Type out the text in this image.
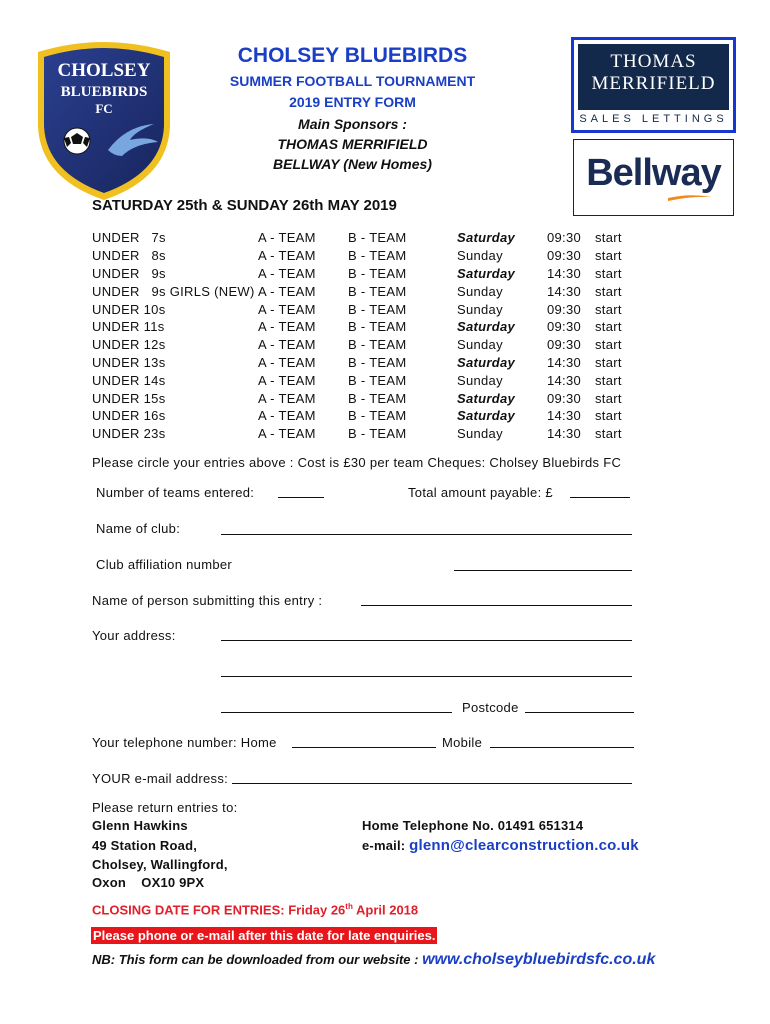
CHOLSEY
BLUEBIRDS
FC
CHOLSEY BLUEBIRDS
SUMMER FOOTBALL TOURNAMENT
2019 ENTRY FORM
Main Sponsors :
THOMAS MERRIFIELD
BELLWAY (New Homes)
THOMAS
MERRIFIELD
SALES LETTINGS
Bellway
SATURDAY 25th & SUNDAY 26th MAY 2019
UNDER   7s	A - TEAM	B - TEAM	Saturday	09:30	start
UNDER   8s	A - TEAM	B - TEAM	Sunday	09:30	start
UNDER   9s	A - TEAM	B - TEAM	Saturday	14:30	start
UNDER   9s GIRLS (NEW)	A - TEAM	B - TEAM	Sunday	14:30	start
UNDER 10s	A - TEAM	B - TEAM	Sunday	09:30	start
UNDER 11s	A - TEAM	B - TEAM	Saturday	09:30	start
UNDER 12s	A - TEAM	B - TEAM	Sunday	09:30	start
UNDER 13s	A - TEAM	B - TEAM	Saturday	14:30	start
UNDER 14s	A - TEAM	B - TEAM	Sunday	14:30	start
UNDER 15s	A - TEAM	B - TEAM	Saturday	09:30	start
UNDER 16s	A - TEAM	B - TEAM	Saturday	14:30	start
UNDER 23s	A - TEAM	B - TEAM	Sunday	14:30	start
Please circle your entries above : Cost is £30 per team Cheques: Cholsey Bluebirds FC
Number of teams entered:	Total amount payable: £
Name of club:
Club affiliation number
Name of person submitting this entry :
Your address:
Postcode
Your telephone number: Home	Mobile
YOUR e-mail address:
Please return entries to:
Glenn Hawkins
49 Station Road,
Cholsey, Wallingford,
Oxon    OX10 9PX
Home Telephone No. 01491 651314
e-mail: glenn@clearconstruction.co.uk
CLOSING DATE FOR ENTRIES: Friday 26th April 2018
Please phone or e-mail after this date for late enquiries.
NB: This form can be downloaded from our website : www.cholseybluebirdsfc.co.uk
